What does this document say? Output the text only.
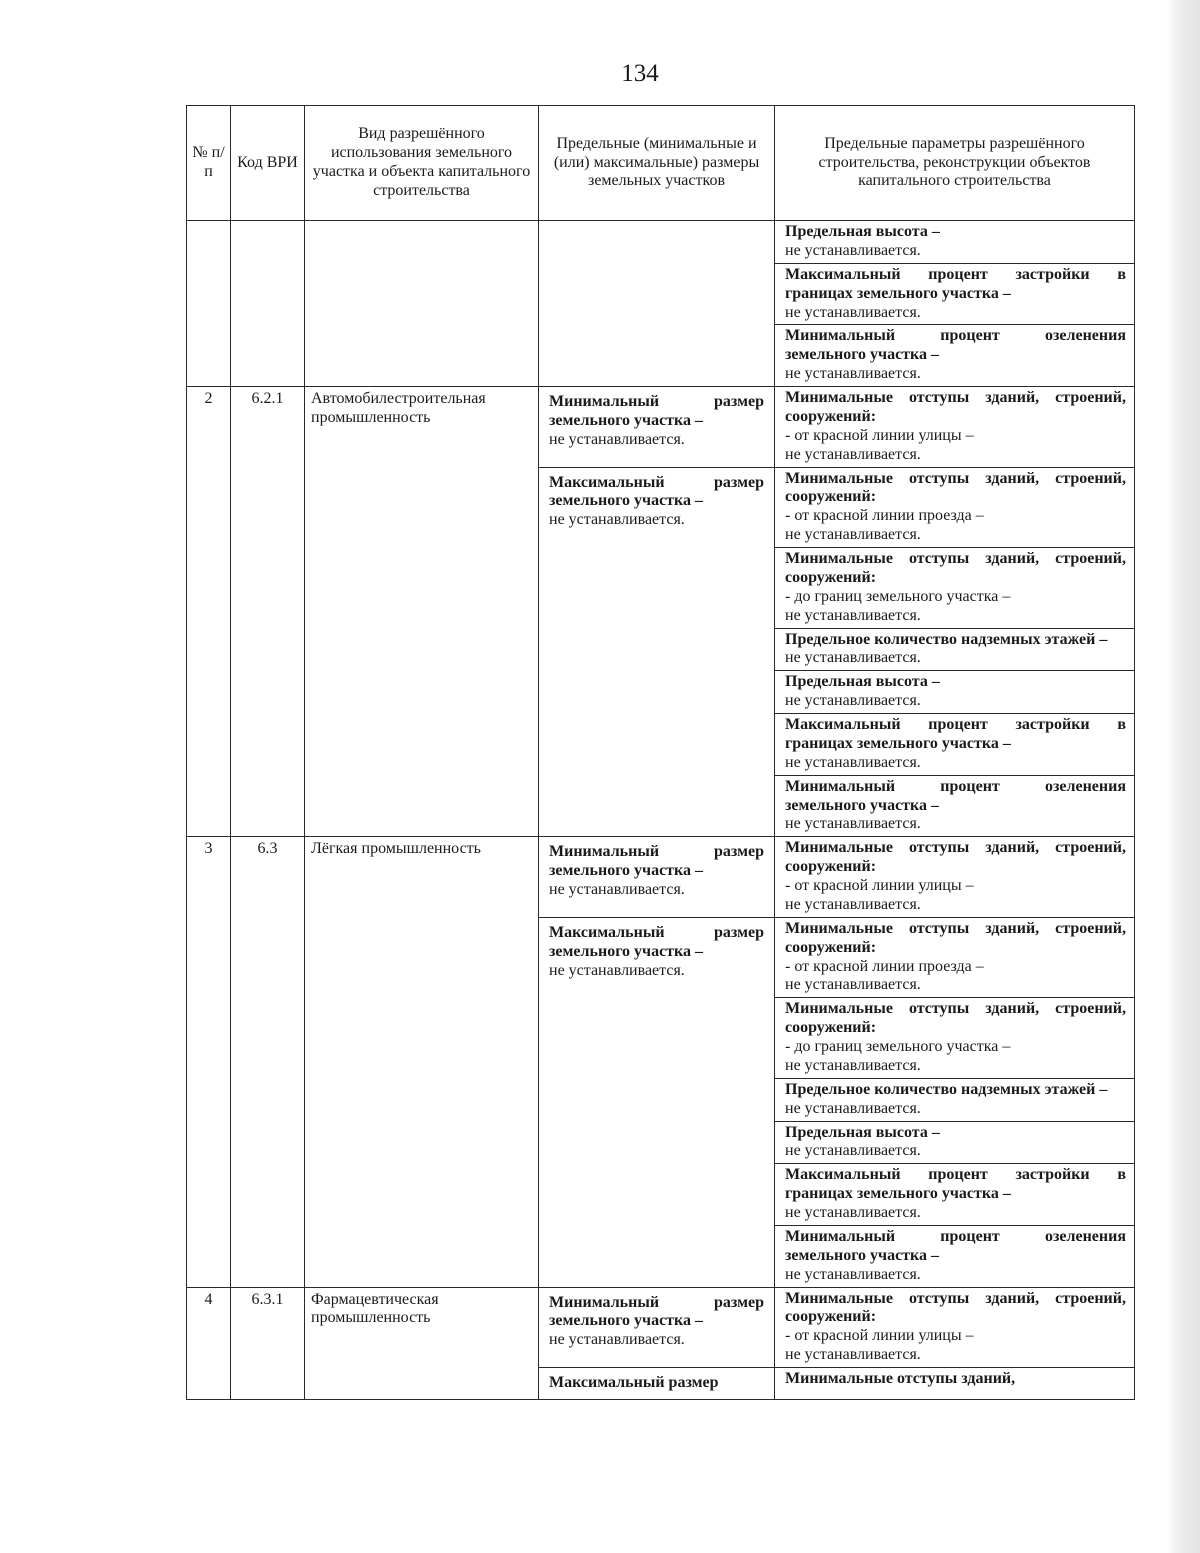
134
№ п/п	Код ВРИ	Вид разрешённого использования земельного участка и объекта капитального строительства	Предельные (минимальные и (или) максимальные) размеры земельных участков	Предельные параметры разрешённого строительства, реконструкции объектов капитального строительства
				Предельная высота –
не устанавливается.
				Максимальный процент застройки в границах земельного участка –
не устанавливается.
				Минимальный процент озеленения земельного участка –
не устанавливается.
2	6.2.1	Автомобилестроительная промышленность	Минимальный размер земельного участка –
не устанавливается.	Минимальные отступы зданий, строений, сооружений:
- от красной линии улицы –
не устанавливается.
			Максимальный размер земельного участка –
не устанавливается.	Минимальные отступы зданий, строений, сооружений:
- от красной линии проезда –
не устанавливается.
				Минимальные отступы зданий, строений, сооружений:
- до границ земельного участка –
не устанавливается.
				Предельное количество надземных этажей –
не устанавливается.
				Предельная высота –
не устанавливается.
				Максимальный процент застройки в границах земельного участка –
не устанавливается.
				Минимальный процент озеленения земельного участка –
не устанавливается.
3	6.3	Лёгкая промышленность	Минимальный размер земельного участка –
не устанавливается.	Минимальные отступы зданий, строений, сооружений:
- от красной линии улицы –
не устанавливается.
			Максимальный размер земельного участка –
не устанавливается.	Минимальные отступы зданий, строений, сооружений:
- от красной линии проезда –
не устанавливается.
				Минимальные отступы зданий, строений, сооружений:
- до границ земельного участка –
не устанавливается.
				Предельное количество надземных этажей –
не устанавливается.
				Предельная высота –
не устанавливается.
				Максимальный процент застройки в границах земельного участка –
не устанавливается.
				Минимальный процент озеленения земельного участка –
не устанавливается.
4	6.3.1	Фармацевтическая промышленность	Минимальный размер земельного участка –
не устанавливается.	Минимальные отступы зданий, строений, сооружений:
- от красной линии улицы –
не устанавливается.
			Максимальный размер	Минимальные отступы зданий,
